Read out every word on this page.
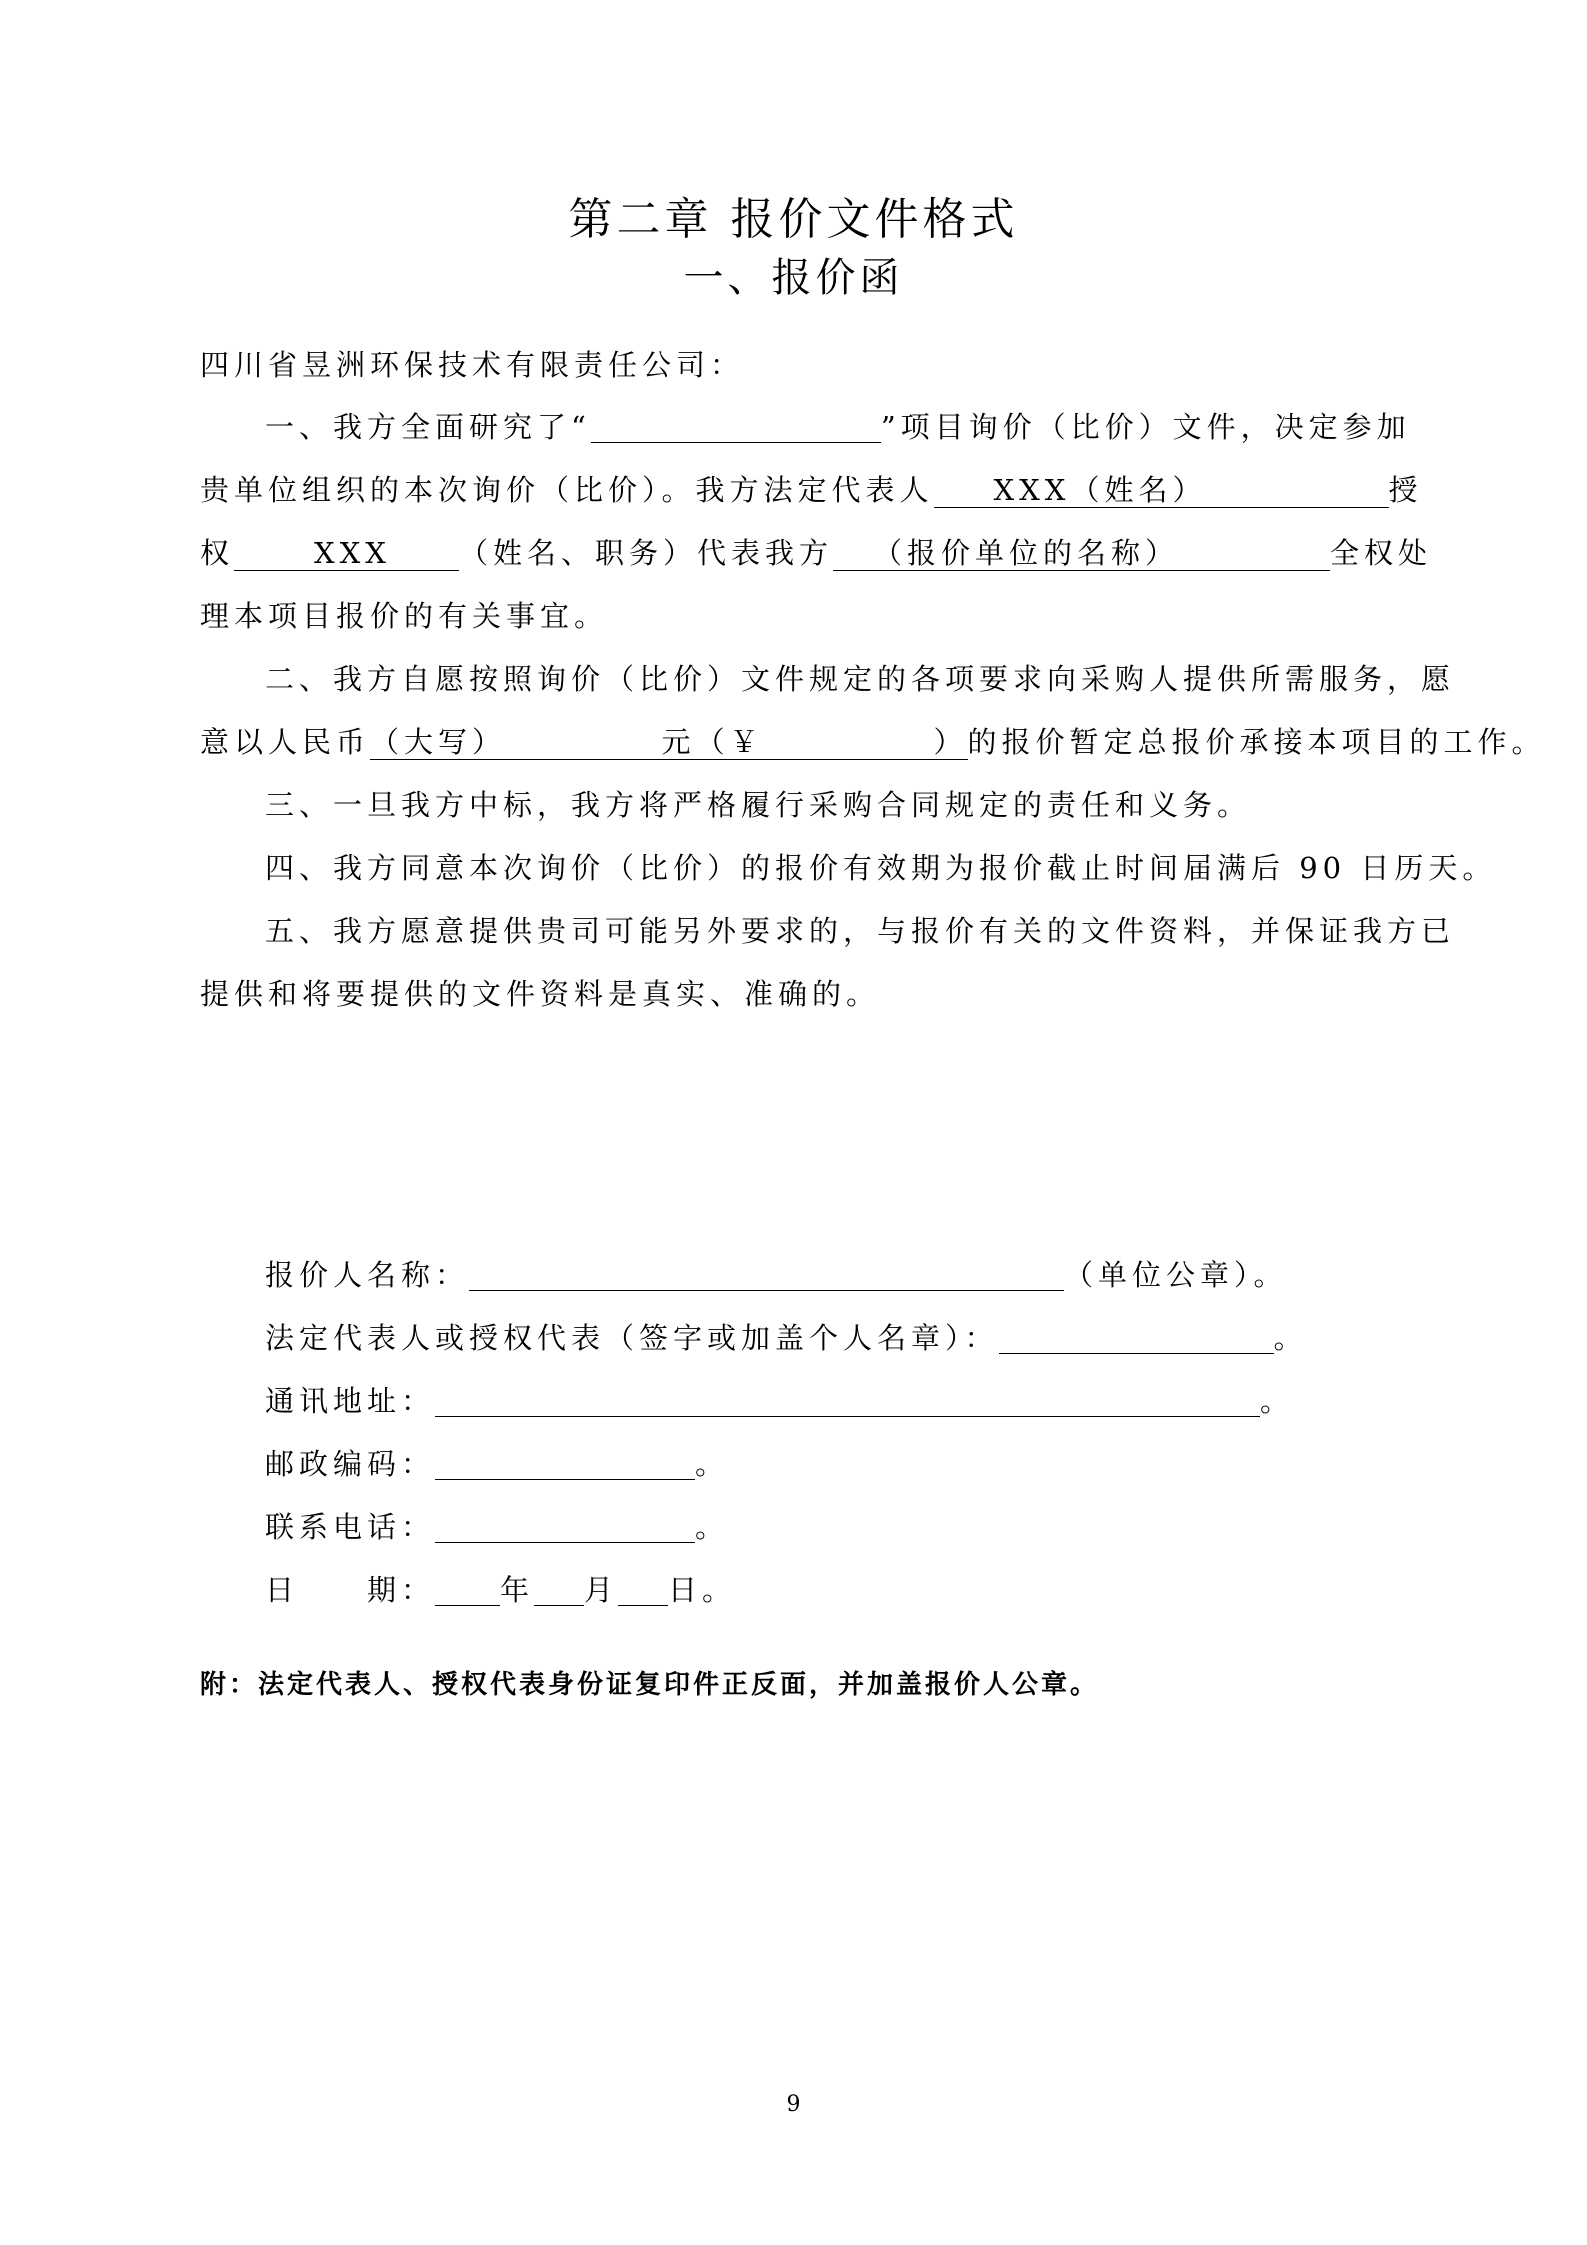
第二章 报价文件格式
一、报价函
四川省昱洲环保技术有限责任公司：
一、我方全面研究了“	”项目询价（比价）文件，决定参加
贵单位组织的本次询价（比价）。我方法定代表人 XXX（姓名）	授
权	XXX （姓名、职务）代表我方 （报价单位的名称）	全权处
理本项目报价的有关事宜。
二、我方自愿按照询价（比价）文件规定的各项要求向采购人提供所需服务，愿
意以人民币（大写）　　　　　元（￥　　　　　）的报价暂定总报价承接本项目的工作。
三、一旦我方中标，我方将严格履行采购合同规定的责任和义务。
四、我方同意本次询价（比价）的报价有效期为报价截止时间届满后 90 日历天。
五、我方愿意提供贵司可能另外要求的，与报价有关的文件资料，并保证我方已
提供和将要提供的文件资料是真实、准确的。
报价人名称：	（单位公章）。
法定代表人或授权代表（签字或加盖个人名章）：	。
通讯地址：	。
邮政编码：	。
联系电话：	。
日　　期： 年 月 日。
附：法定代表人、授权代表身份证复印件正反面，并加盖报价人公章。
9
